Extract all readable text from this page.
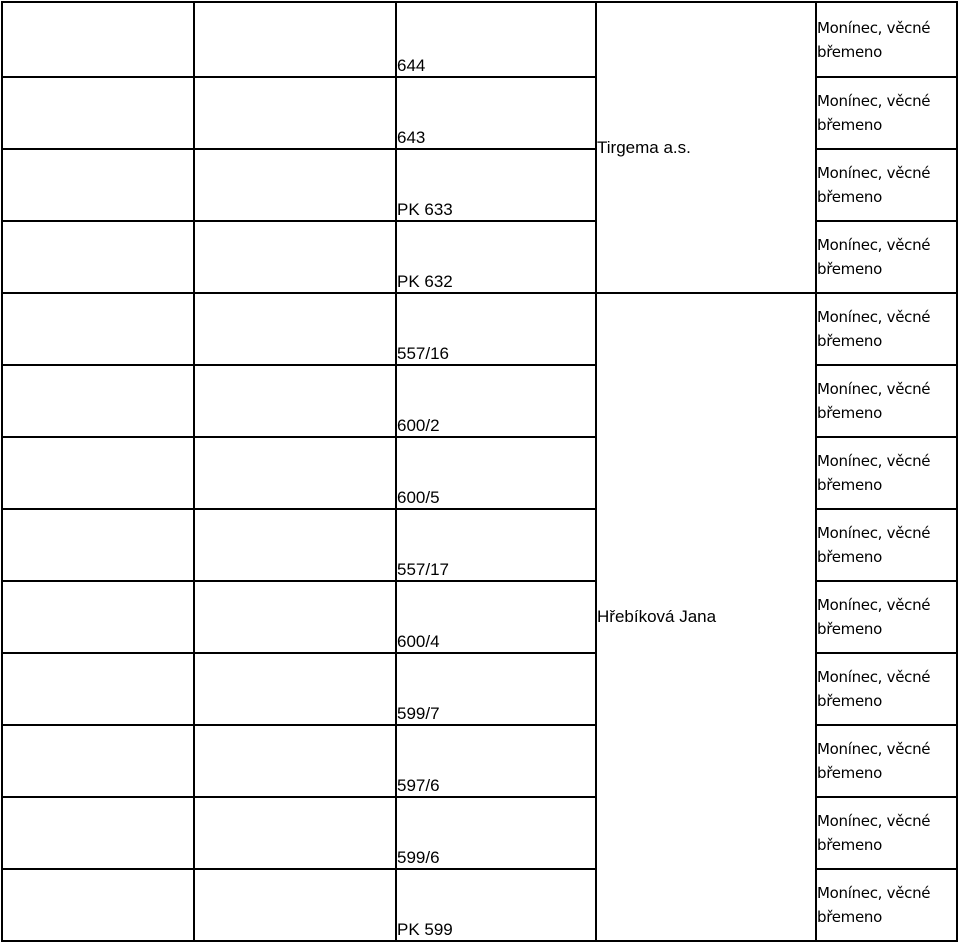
		644	Tirgema a.s.	Monínec, věcné
břemeno

		643		Monínec, věcné
břemeno

		PK 633		Monínec, věcné
břemeno

		PK 632		Monínec, věcné
břemeno

		557/16	Hřebíková Jana	Monínec, věcné
břemeno

		600/2		Monínec, věcné
břemeno

		600/5		Monínec, věcné
břemeno

		557/17		Monínec, věcné
břemeno

		600/4		Monínec, věcné
břemeno

		599/7		Monínec, věcné
břemeno

		597/6		Monínec, věcné
břemeno

		599/6		Monínec, věcné
břemeno

		PK 599		Monínec, věcné
břemeno
